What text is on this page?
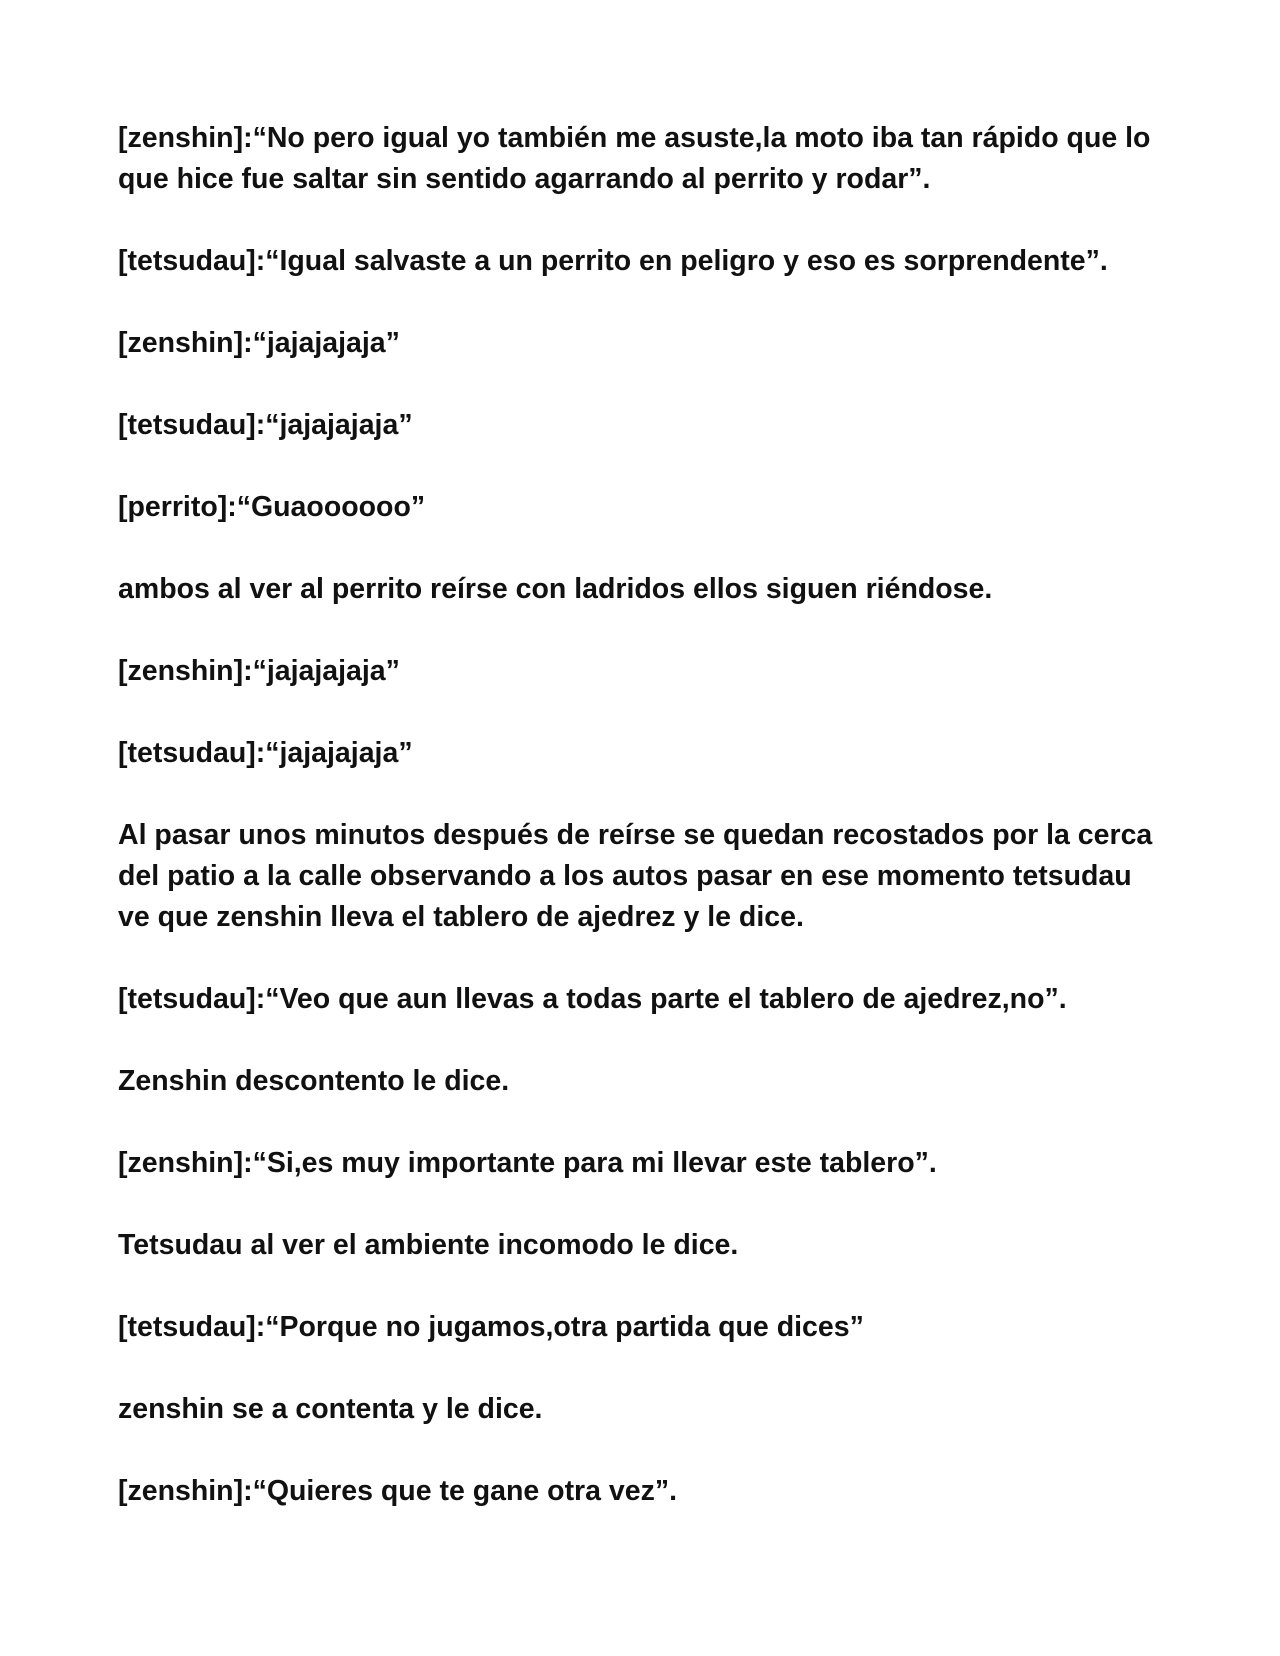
[zenshin]:“No pero igual yo también me asuste,la moto iba tan rápido que lo que hice fue saltar sin sentido agarrando al perrito y rodar”.

[tetsudau]:“Igual salvaste a un perrito en peligro y eso es sorprendente”.

[zenshin]:“jajajajaja”

[tetsudau]:“jajajajaja”

[perrito]:“Guaoooooo”

ambos al ver al perrito reírse con ladridos ellos siguen riéndose.

[zenshin]:“jajajajaja”

[tetsudau]:“jajajajaja”

Al pasar unos minutos después de reírse se quedan recostados por la cerca del patio a la calle observando a los autos pasar en ese momento tetsudau ve que zenshin lleva el tablero de ajedrez y le dice.

[tetsudau]:“Veo que aun llevas a todas parte el tablero de ajedrez,no”.

Zenshin descontento le dice.

[zenshin]:“Si,es muy importante para mi llevar este tablero”.

Tetsudau al ver el ambiente incomodo le dice.

[tetsudau]:“Porque no jugamos,otra partida que dices”

zenshin se a contenta y le dice.

[zenshin]:“Quieres que te gane otra vez”.
